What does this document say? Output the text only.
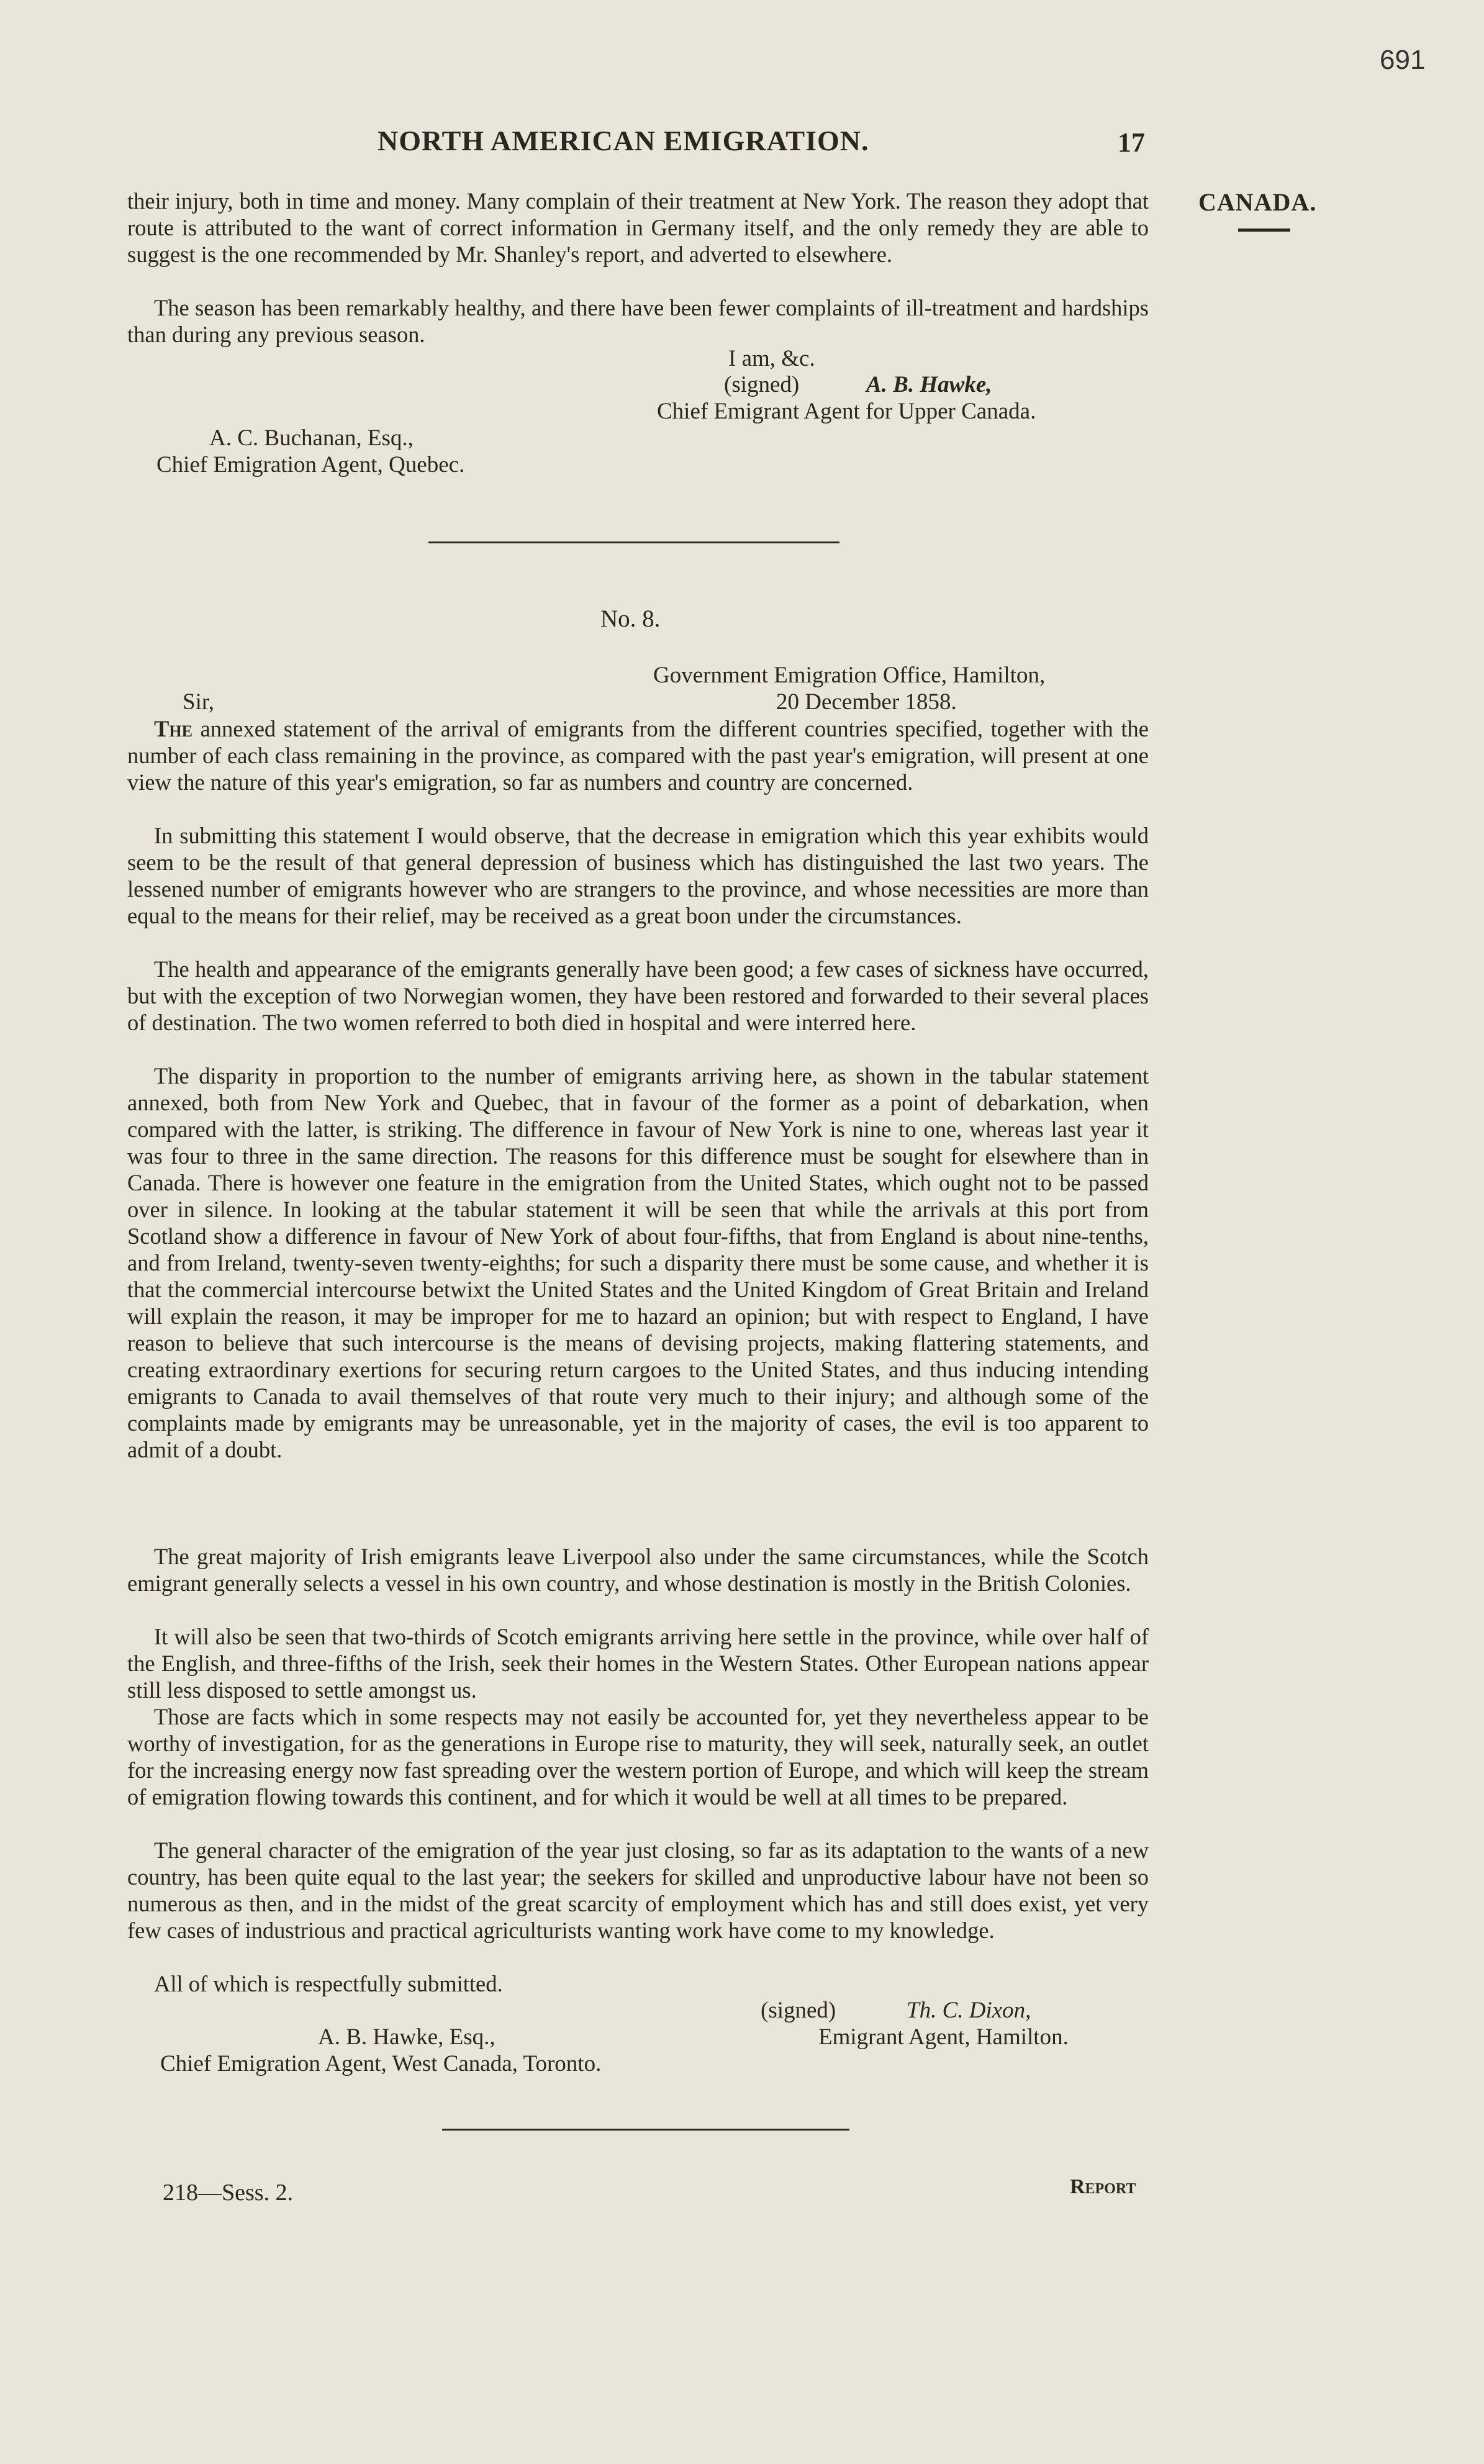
691
NORTH AMERICAN EMIGRATION.	17
CANADA.
their injury, both in time and money. Many complain of their treatment at New York. The reason they adopt that route is attributed to the want of correct information in Germany itself, and the only remedy they are able to suggest is the one recommended by Mr. Shanley's report, and adverted to elsewhere.
The season has been remarkably healthy, and there have been fewer complaints of ill-treatment and hardships than during any previous season.
I am, &c.
(signed)	A. B. Hawke,
Chief Emigrant Agent for Upper Canada.
A. C. Buchanan, Esq.,
Chief Emigration Agent, Quebec.
No. 8.
Government Emigration Office, Hamilton,
Sir,	20 December 1858.
The annexed statement of the arrival of emigrants from the different countries specified, together with the number of each class remaining in the province, as compared with the past year's emigration, will present at one view the nature of this year's emigration, so far as numbers and country are concerned.
In submitting this statement I would observe, that the decrease in emigration which this year exhibits would seem to be the result of that general depression of business which has distinguished the last two years. The lessened number of emigrants however who are strangers to the province, and whose necessities are more than equal to the means for their relief, may be received as a great boon under the circumstances.
The health and appearance of the emigrants generally have been good; a few cases of sickness have occurred, but with the exception of two Norwegian women, they have been restored and forwarded to their several places of destination. The two women referred to both died in hospital and were interred here.
The disparity in proportion to the number of emigrants arriving here, as shown in the tabular statement annexed, both from New York and Quebec, that in favour of the former as a point of debarkation, when compared with the latter, is striking. The difference in favour of New York is nine to one, whereas last year it was four to three in the same direction. The reasons for this difference must be sought for elsewhere than in Canada. There is however one feature in the emigration from the United States, which ought not to be passed over in silence. In looking at the tabular statement it will be seen that while the arrivals at this port from Scotland show a difference in favour of New York of about four-fifths, that from England is about nine-tenths, and from Ireland, twenty-seven twenty-eighths; for such a disparity there must be some cause, and whether it is that the commercial intercourse betwixt the United States and the United Kingdom of Great Britain and Ireland will explain the reason, it may be improper for me to hazard an opinion; but with respect to England, I have reason to believe that such intercourse is the means of devising projects, making flattering statements, and creating extraordinary exertions for securing return cargoes to the United States, and thus inducing intending emigrants to Canada to avail themselves of that route very much to their injury; and although some of the complaints made by emigrants may be unreasonable, yet in the majority of cases, the evil is too apparent to admit of a doubt.
The great majority of Irish emigrants leave Liverpool also under the same circumstances, while the Scotch emigrant generally selects a vessel in his own country, and whose destination is mostly in the British Colonies.
It will also be seen that two-thirds of Scotch emigrants arriving here settle in the province, while over half of the English, and three-fifths of the Irish, seek their homes in the Western States. Other European nations appear still less disposed to settle amongst us.
Those are facts which in some respects may not easily be accounted for, yet they nevertheless appear to be worthy of investigation, for as the generations in Europe rise to maturity, they will seek, naturally seek, an outlet for the increasing energy now fast spreading over the western portion of Europe, and which will keep the stream of emigration flowing towards this continent, and for which it would be well at all times to be prepared.
The general character of the emigration of the year just closing, so far as its adaptation to the wants of a new country, has been quite equal to the last year; the seekers for skilled and unproductive labour have not been so numerous as then, and in the midst of the great scarcity of employment which has and still does exist, yet very few cases of industrious and practical agriculturists wanting work have come to my knowledge.
All of which is respectfully submitted.
(signed)	Th. C. Dixon,
A. B. Hawke, Esq.,	Emigrant Agent, Hamilton.
Chief Emigration Agent, West Canada, Toronto.
218—Sess. 2.	Report
